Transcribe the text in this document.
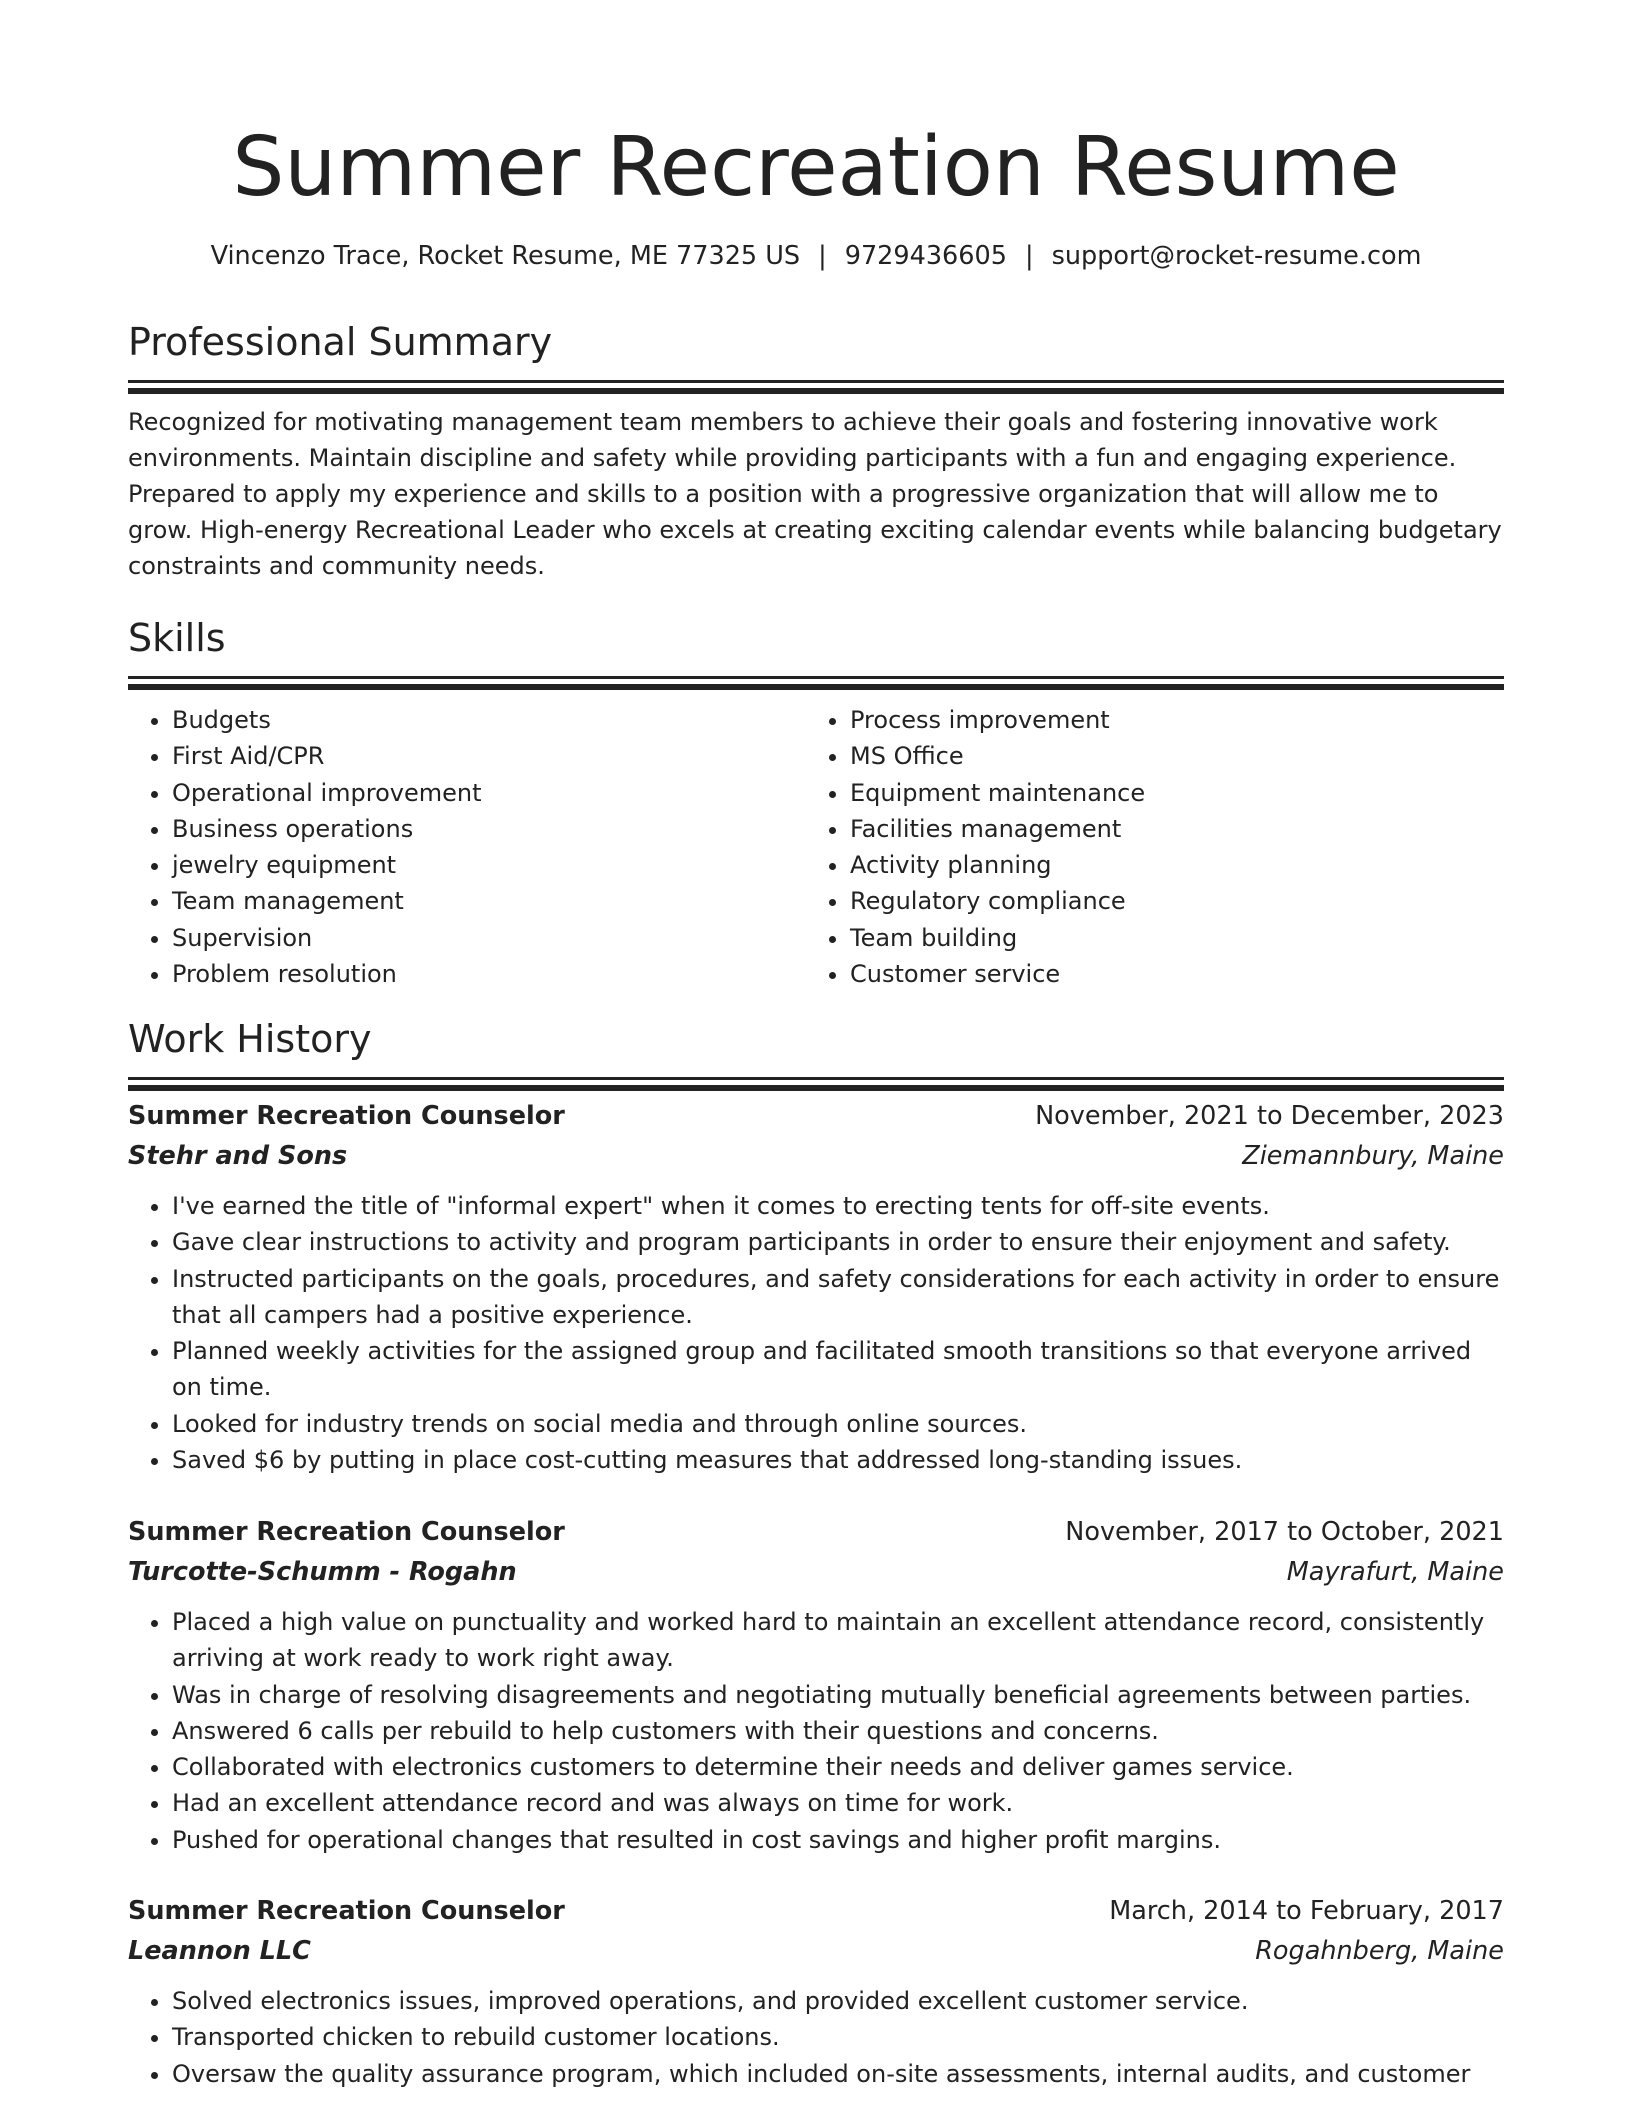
Summer Recreation Resume
Vincenzo Trace, Rocket Resume, ME 77325 US | 9729436605 | support@rocket-resume.com
Professional Summary

Recognized for motivating management team members to achieve their goals and fostering innovative work environments. Maintain discipline and safety while providing participants with a fun and engaging experience. Prepared to apply my experience and skills to a position with a progressive organization that will allow me to grow. High-energy Recreational Leader who excels at creating exciting calendar events while balancing budgetary constraints and community needs.

Skills
• Budgets
• First Aid/CPR
• Operational improvement
• Business operations
• jewelry equipment
• Team management
• Supervision
• Problem resolution
• Process improvement
• MS Office
• Equipment maintenance
• Facilities management
• Activity planning
• Regulatory compliance
• Team building
• Customer service
Work History
Summer Recreation Counselor	November, 2021 to December, 2023
Stehr and Sons	Ziemannbury, Maine
• I've earned the title of "informal expert" when it comes to erecting tents for off-site events.
• Gave clear instructions to activity and program participants in order to ensure their enjoyment and safety.
• Instructed participants on the goals, procedures, and safety considerations for each activity in order to ensure that all campers had a positive experience.
• Planned weekly activities for the assigned group and facilitated smooth transitions so that everyone arrived on time.
• Looked for industry trends on social media and through online sources.
• Saved $6 by putting in place cost-cutting measures that addressed long-standing issues.
Summer Recreation Counselor	November, 2017 to October, 2021
Turcotte-Schumm - Rogahn	Mayrafurt, Maine
• Placed a high value on punctuality and worked hard to maintain an excellent attendance record, consistently arriving at work ready to work right away.
• Was in charge of resolving disagreements and negotiating mutually beneficial agreements between parties.
• Answered 6 calls per rebuild to help customers with their questions and concerns.
• Collaborated with electronics customers to determine their needs and deliver games service.
• Had an excellent attendance record and was always on time for work.
• Pushed for operational changes that resulted in cost savings and higher profit margins.
Summer Recreation Counselor	March, 2014 to February, 2017
Leannon LLC	Rogahnberg, Maine
• Solved electronics issues, improved operations, and provided excellent customer service.
• Transported chicken to rebuild customer locations.
• Oversaw the quality assurance program, which included on-site assessments, internal audits, and customer
